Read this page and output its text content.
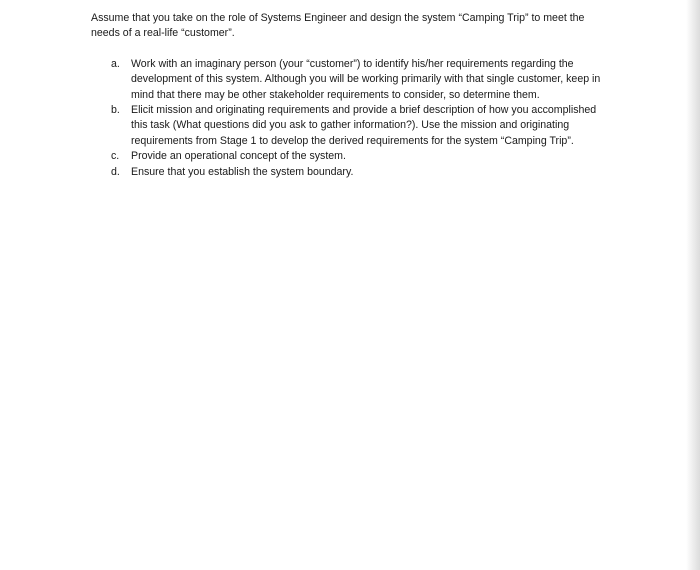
Assume that you take on the role of Systems Engineer and design the system “Camping Trip” to meet the needs of a real-life “customer”.

a.	Work with an imaginary person (your “customer”) to identify his/her requirements regarding the development of this system. Although you will be working primarily with that single customer, keep in mind that there may be other stakeholder requirements to consider, so determine them.
b.	Elicit mission and originating requirements and provide a brief description of how you accomplished this task (What questions did you ask to gather information?). Use the mission and originating requirements from Stage 1 to develop the derived requirements for the system “Camping Trip”.
c.	Provide an operational concept of the system.
d.	Ensure that you establish the system boundary.
